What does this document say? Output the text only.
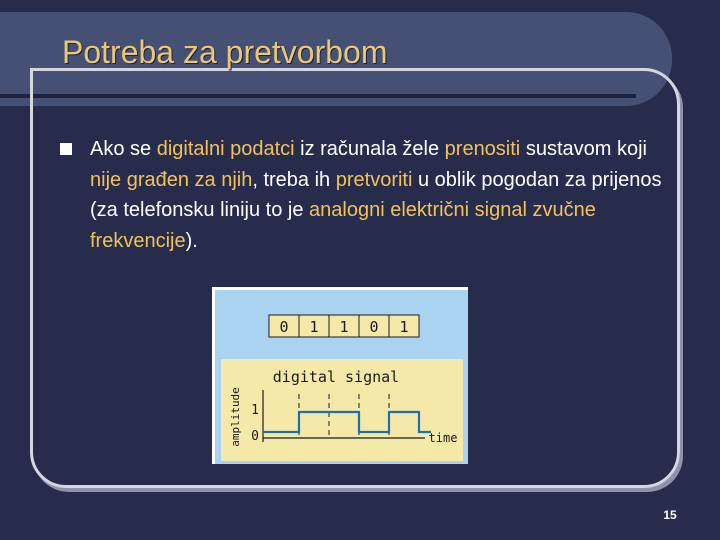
Potreba za pretvorbom

Ako se digitalni podatci iz računala žele prenositi sustavom koji nije građen za njih, treba ih pretvoriti u oblik pogodan za prijenos (za telefonsku liniju to je analogni električni signal zvučne frekvencije).

0 1 1 0 1
digital signal
amplitude 1
0	time
15
